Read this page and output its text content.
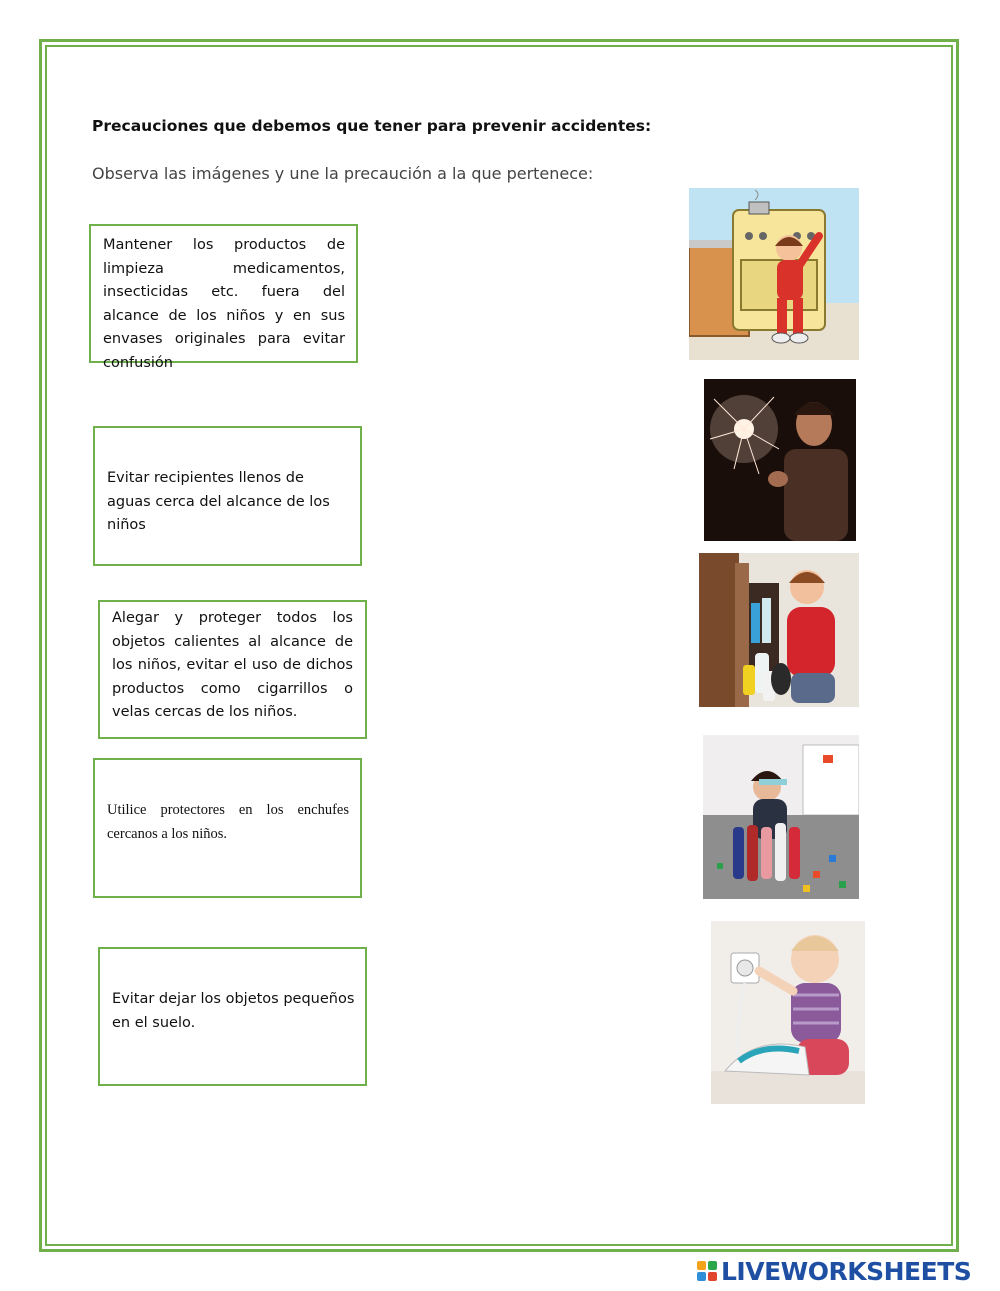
Precauciones que debemos que tener para prevenir accidentes:
Observa las imágenes y une la precaución a la que pertenece:

Mantener los productos de limpieza medicamentos, insecticidas etc. fuera del alcance de los niños y en sus envases originales para evitar confusión

Evitar recipientes llenos de aguas cerca del alcance de los niños

Alegar y proteger todos los objetos calientes al alcance de los niños, evitar el uso de dichos productos como cigarrillos o velas cercas de los niños.

Utilice protectores en los enchufes cercanos a los niños.

Evitar dejar los objetos pequeños en el suelo.

LIVEWORKSHEETS
